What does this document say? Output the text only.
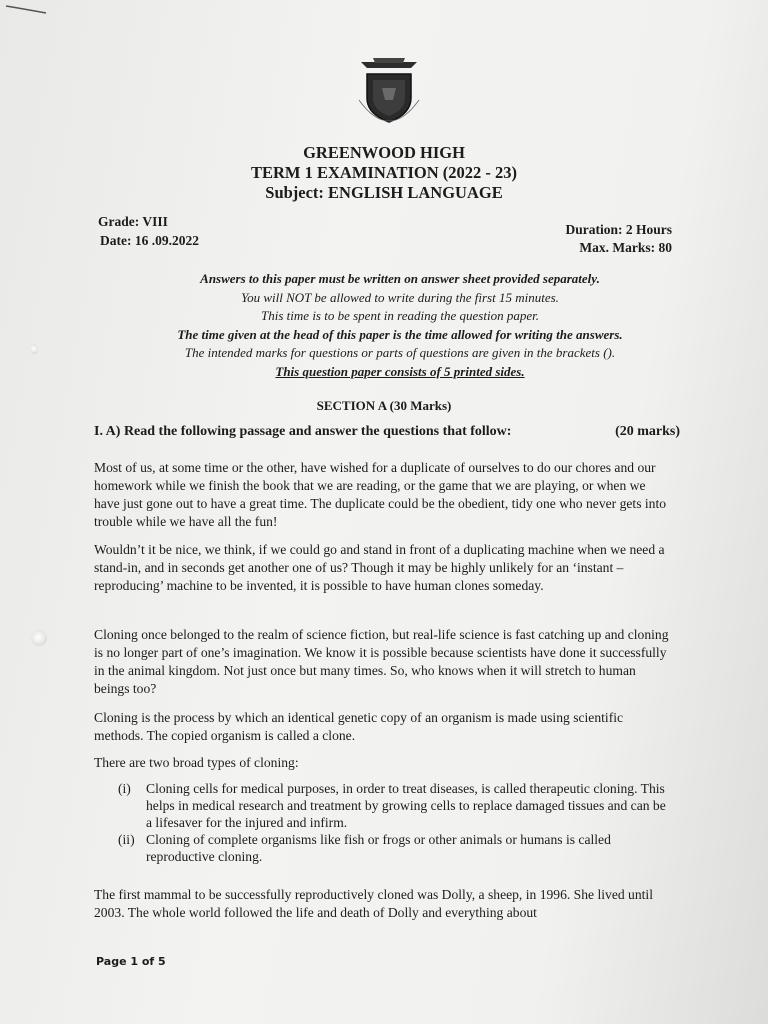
GREENWOOD HIGH
TERM 1 EXAMINATION (2022 - 23)
Subject: ENGLISH LANGUAGE
Grade: VIII
Date: 16 .09.2022
Duration: 2 Hours
Max. Marks: 80
Answers to this paper must be written on answer sheet provided separately.
You will NOT be allowed to write during the first 15 minutes.
This time is to be spent in reading the question paper.
The time given at the head of this paper is the time allowed for writing the answers.
The intended marks for questions or parts of questions are given in the brackets ().
This question paper consists of 5 printed sides.
SECTION A (30 Marks)
I. A) Read the following passage and answer the questions that follow:	(20 marks)

Most of us, at some time or the other, have wished for a duplicate of ourselves to do our chores and our homework while we finish the book that we are reading, or the game that we are playing, or when we have just gone out to have a great time. The duplicate could be the obedient, tidy one who never gets into trouble while we have all the fun!

Wouldn’t it be nice, we think, if we could go and stand in front of a duplicating machine when we need a stand-in, and in seconds get another one of us? Though it may be highly unlikely for an ‘instant – reproducing’ machine to be invented, it is possible to have human clones someday.

Cloning once belonged to the realm of science fiction, but real-life science is fast catching up and cloning is no longer part of one’s imagination. We know it is possible because scientists have done it successfully in the animal kingdom. Not just once but many times. So, who knows when it will stretch to human beings too?

Cloning is the process by which an identical genetic copy of an organism is made using scientific methods. The copied organism is called a clone.

There are two broad types of cloning:

(i)	Cloning cells for medical purposes, in order to treat diseases, is called therapeutic cloning. This helps in medical research and treatment by growing cells to replace damaged tissues and can be a lifesaver for the injured and infirm.
(ii) Cloning of complete organisms like fish or frogs or other animals or humans is called reproductive cloning.

The first mammal to be successfully reproductively cloned was Dolly, a sheep, in 1996. She lived until 2003. The whole world followed the life and death of Dolly and everything about

Page 1 of 5
